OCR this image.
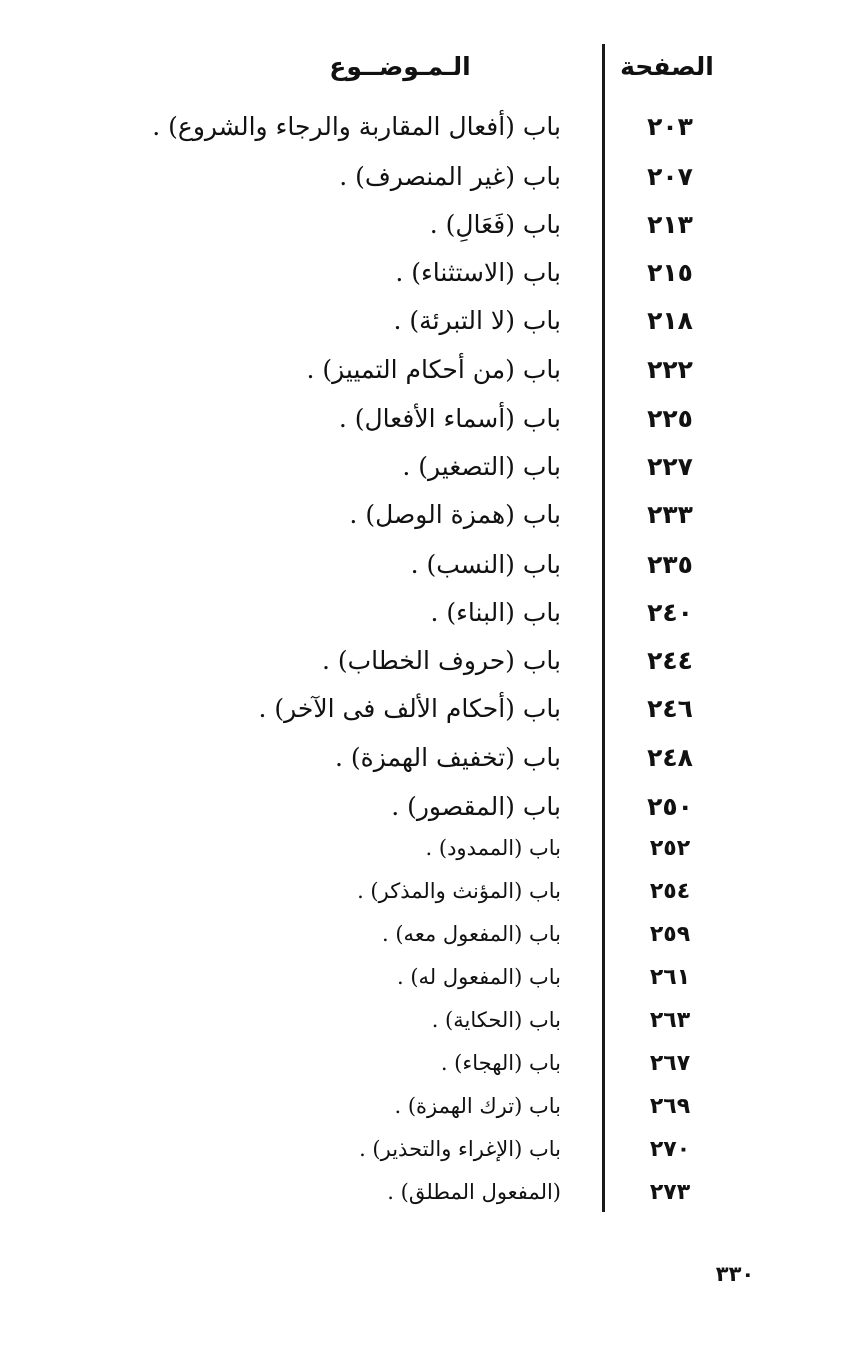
الصفحة
الـمـوضــوع
٢٠٣
باب (أفعال المقاربة والرجاء والشروع) .
٢٠٧
باب (غير المنصرف) .
٢١٣
باب (فَعَالِ) .
٢١٥
باب (الاستثناء) .
٢١٨
باب (لا التبرئة) .
٢٢٢
باب (من أحكام التمييز) .
٢٢٥
باب (أسماء الأفعال) .
٢٢٧
باب (التصغير) .
٢٣٣
باب (همزة الوصل) .
٢٣٥
باب (النسب) .
٢٤٠
باب (البناء) .
٢٤٤
باب (حروف الخطاب) .
٢٤٦
باب (أحكام الألف فى الآخر) .
٢٤٨
باب (تخفيف الهمزة) .
٢٥٠
باب (المقصور) .
٢٥٢
باب (الممدود) .
٢٥٤
باب (المؤنث والمذكر) .
٢٥٩
باب (المفعول معه) .
٢٦١
باب (المفعول له) .
٢٦٣
باب (الحكاية) .
٢٦٧
باب (الهجاء) .
٢٦٩
باب (ترك الهمزة) .
٢٧٠
باب (الإغراء والتحذير) .
٢٧٣
(المفعول المطلق) .
٣٣٠
